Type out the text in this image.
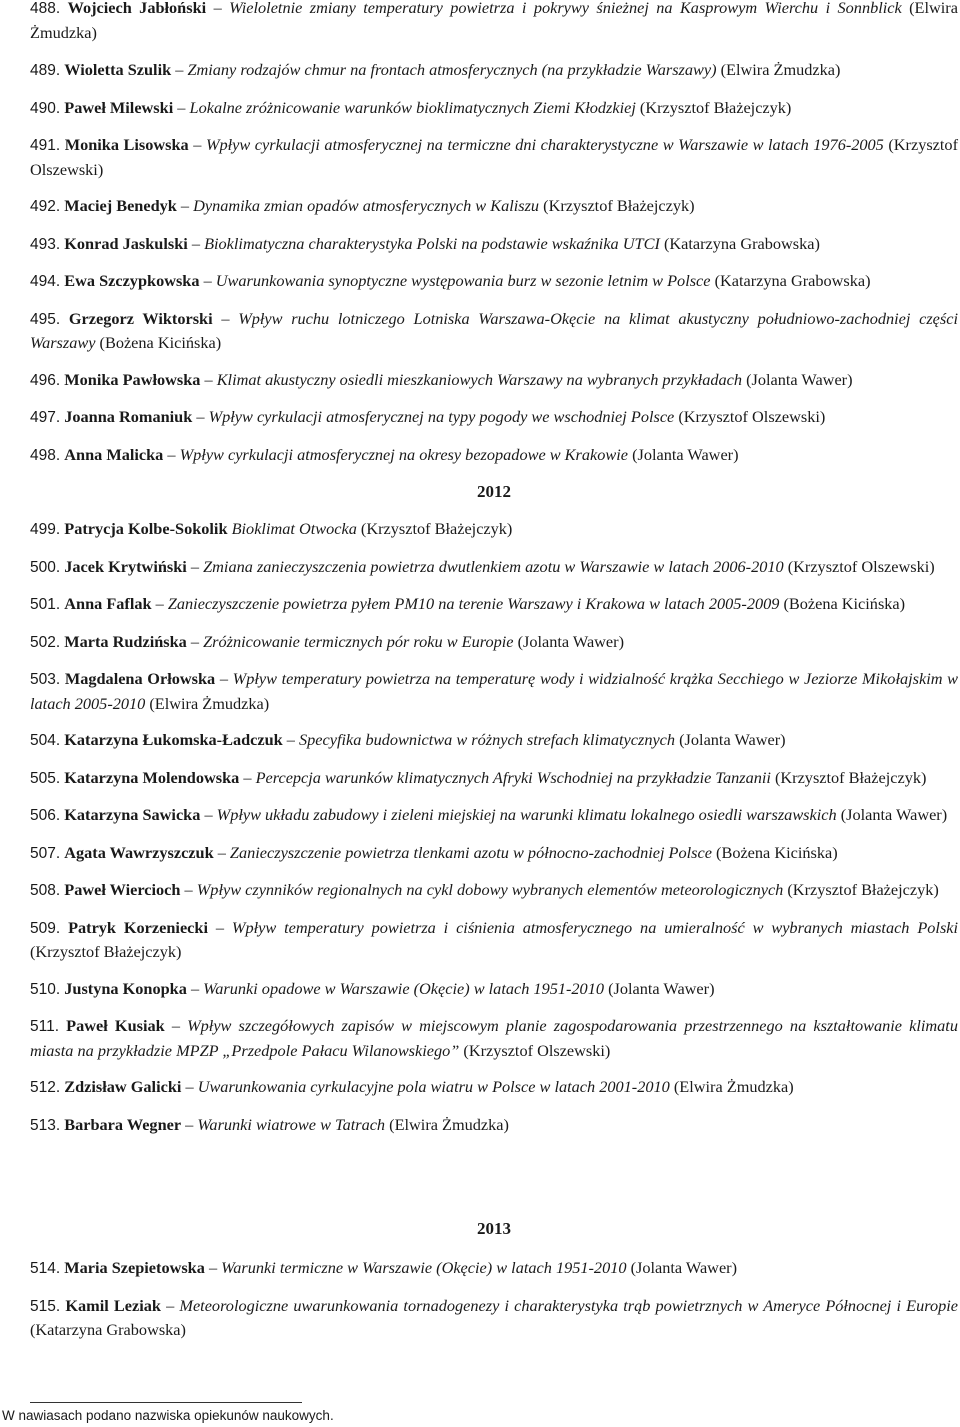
488. Wojciech Jabłoński – Wieloletnie zmiany temperatury powietrza i pokrywy śnieżnej na Kasprowym Wierchu i Sonnblick (Elwira Żmudzka)

489. Wioletta Szulik – Zmiany rodzajów chmur na frontach atmosferycznych (na przykładzie Warszawy) (Elwira Żmudzka)

490. Paweł Milewski – Lokalne zróżnicowanie warunków bioklimatycznych Ziemi Kłodzkiej (Krzysztof Błażejczyk)

491. Monika Lisowska – Wpływ cyrkulacji atmosferycznej na termiczne dni charakterystyczne w Warszawie w latach 1976-2005 (Krzysztof Olszewski)

492. Maciej Benedyk – Dynamika zmian opadów atmosferycznych w Kaliszu (Krzysztof Błażejczyk)

493. Konrad Jaskulski – Bioklimatyczna charakterystyka Polski na podstawie wskaźnika UTCI (Katarzyna Grabowska)

494. Ewa Szczypkowska – Uwarunkowania synoptyczne występowania burz w sezonie letnim w Polsce (Katarzyna Grabowska)

495. Grzegorz Wiktorski – Wpływ ruchu lotniczego Lotniska Warszawa-Okęcie na klimat akustyczny południowo-zachodniej części Warszawy (Bożena Kicińska)

496. Monika Pawłowska – Klimat akustyczny osiedli mieszkaniowych Warszawy na wybranych przykładach (Jolanta Wawer)

497. Joanna Romaniuk – Wpływ cyrkulacji atmosferycznej na typy pogody we wschodniej Polsce (Krzysztof Olszewski)

498. Anna Malicka – Wpływ cyrkulacji atmosferycznej na okresy bezopadowe w Krakowie (Jolanta Wawer)

2012

499. Patrycja Kolbe-Sokolik Bioklimat Otwocka (Krzysztof Błażejczyk)

500. Jacek Krytwiński – Zmiana zanieczyszczenia powietrza dwutlenkiem azotu w Warszawie w latach 2006-2010 (Krzysztof Olszewski)

501. Anna Faflak – Zanieczyszczenie powietrza pyłem PM10 na terenie Warszawy i Krakowa w latach 2005-2009 (Bożena Kicińska)

502. Marta Rudzińska – Zróżnicowanie termicznych pór roku w Europie (Jolanta Wawer)

503. Magdalena Orłowska – Wpływ temperatury powietrza na temperaturę wody i widzialność krążka Secchiego w Jeziorze Mikołajskim w latach 2005-2010 (Elwira Żmudzka)

504. Katarzyna Łukomska-Ładczuk – Specyfika budownictwa w różnych strefach klimatycznych (Jolanta Wawer)

505. Katarzyna Molendowska – Percepcja warunków klimatycznych Afryki Wschodniej na przykładzie Tanzanii (Krzysztof Błażejczyk)

506. Katarzyna Sawicka – Wpływ układu zabudowy i zieleni miejskiej na warunki klimatu lokalnego osiedli warszawskich (Jolanta Wawer)

507. Agata Wawrzyszczuk – Zanieczyszczenie powietrza tlenkami azotu w północno-zachodniej Polsce (Bożena Kicińska)

508. Paweł Wiercioch – Wpływ czynników regionalnych na cykl dobowy wybranych elementów meteorologicznych (Krzysztof Błażejczyk)

509. Patryk Korzeniecki – Wpływ temperatury powietrza i ciśnienia atmosferycznego na umieralność w wybranych miastach Polski (Krzysztof Błażejczyk)

510. Justyna Konopka – Warunki opadowe w Warszawie (Okęcie) w latach 1951-2010 (Jolanta Wawer)

511. Paweł Kusiak – Wpływ szczegółowych zapisów w miejscowym planie zagospodarowania przestrzennego na kształtowanie klimatu miasta na przykładzie MPZP „Przedpole Pałacu Wilanowskiego” (Krzysztof Olszewski)

512. Zdzisław Galicki – Uwarunkowania cyrkulacyjne pola wiatru w Polsce w latach 2001-2010 (Elwira Żmudzka)

513. Barbara Wegner – Warunki wiatrowe w Tatrach (Elwira Żmudzka)

2013

514. Maria Szepietowska – Warunki termiczne w Warszawie (Okęcie) w latach 1951-2010 (Jolanta Wawer)

515. Kamil Leziak – Meteorologiczne uwarunkowania tornadogenezy i charakterystyka trąb powietrznych w Ameryce Północnej i Europie (Katarzyna Grabowska)

W nawiasach podano nazwiska opiekunów naukowych.
